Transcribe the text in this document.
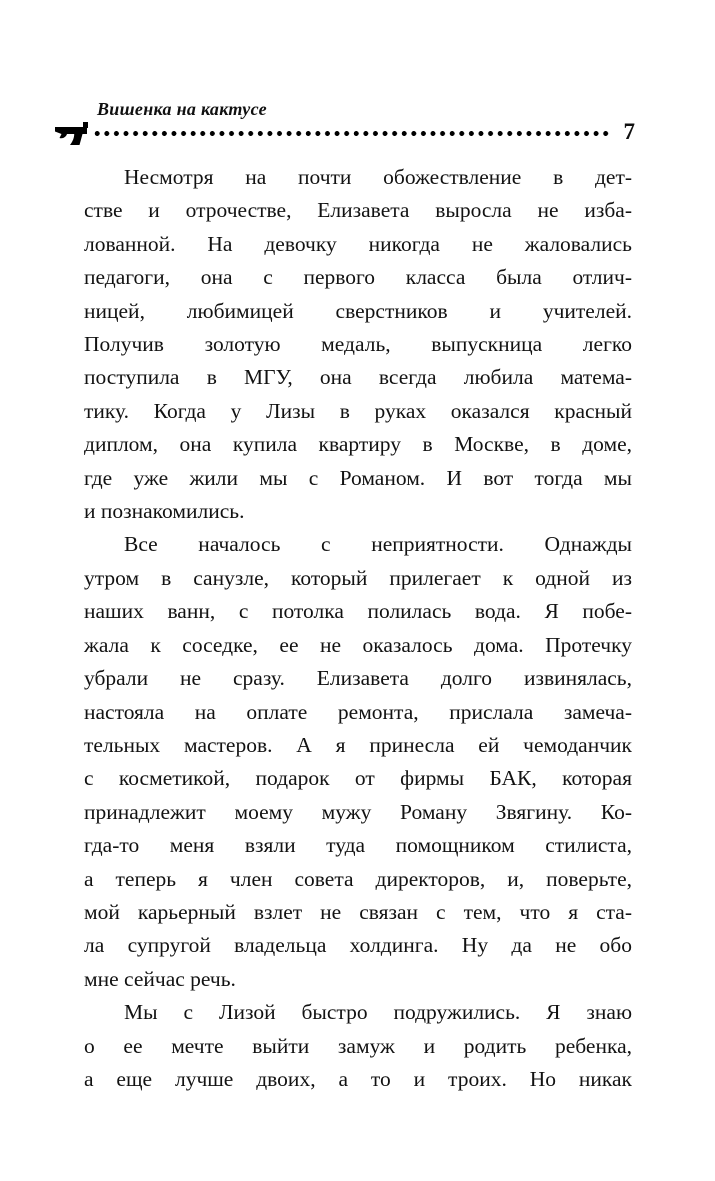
Вишенка на кактусе
7
Несмотря на почти обожествление в дет-
стве и отрочестве, Елизавета выросла не изба-
лованной. На девочку никогда не жаловались
педагоги, она с первого класса была отлич-
ницей, любимицей сверстников и учителей.
Получив золотую медаль, выпускница легко
поступила в МГУ, она всегда любила матема-
тику. Когда у Лизы в руках оказался красный
диплом, она купила квартиру в Москве, в доме,
где уже жили мы с Романом. И вот тогда мы
и познакомились.
Все началось с неприятности. Однажды
утром в санузле, который прилегает к одной из
наших ванн, с потолка полилась вода. Я побе-
жала к соседке, ее не оказалось дома. Протечку
убрали не сразу. Елизавета долго извинялась,
настояла на оплате ремонта, прислала замеча-
тельных мастеров. А я принесла ей чемоданчик
с косметикой, подарок от фирмы БАК, которая
принадлежит моему мужу Роману Звягину. Ко-
гда-то меня взяли туда помощником стилиста,
а теперь я член совета директоров, и, поверьте,
мой карьерный взлет не связан с тем, что я ста-
ла супругой владельца холдинга. Ну да не обо
мне сейчас речь.
Мы с Лизой быстро подружились. Я знаю
о ее мечте выйти замуж и родить ребенка,
а еще лучше двоих, а то и троих. Но никак
